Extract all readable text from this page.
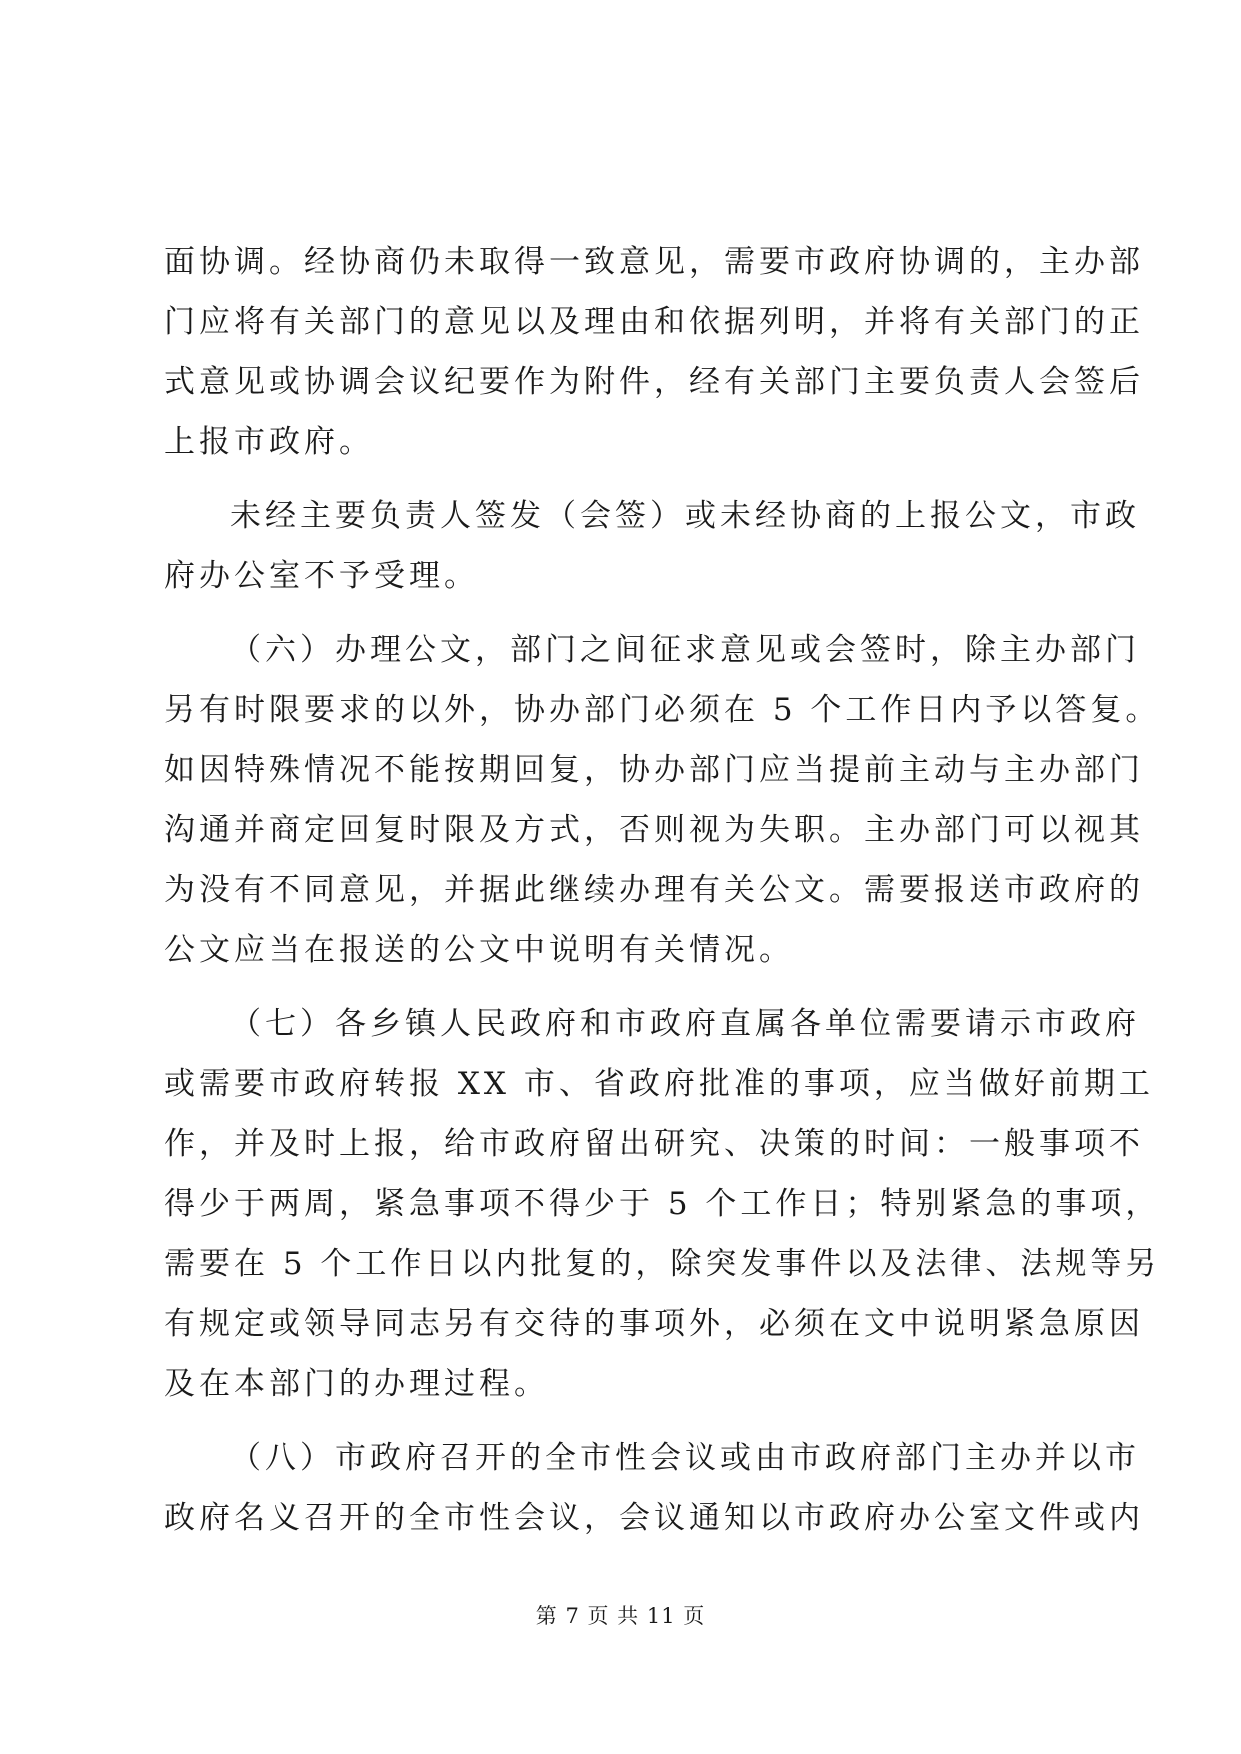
面协调。经协商仍未取得一致意见，需要市政府协调的，主办部
门应将有关部门的意见以及理由和依据列明，并将有关部门的正
式意见或协调会议纪要作为附件，经有关部门主要负责人会签后
上报市政府。
未经主要负责人签发（会签）或未经协商的上报公文，市政
府办公室不予受理。
（六）办理公文，部门之间征求意见或会签时，除主办部门
另有时限要求的以外，协办部门必须在 5 个工作日内予以答复。
如因特殊情况不能按期回复，协办部门应当提前主动与主办部门
沟通并商定回复时限及方式，否则视为失职。主办部门可以视其
为没有不同意见，并据此继续办理有关公文。需要报送市政府的
公文应当在报送的公文中说明有关情况。
（七）各乡镇人民政府和市政府直属各单位需要请示市政府
或需要市政府转报 XX 市、省政府批准的事项，应当做好前期工
作，并及时上报，给市政府留出研究、决策的时间：一般事项不
得少于两周，紧急事项不得少于 5 个工作日；特别紧急的事项，
需要在 5 个工作日以内批复的，除突发事件以及法律、法规等另
有规定或领导同志另有交待的事项外，必须在文中说明紧急原因
及在本部门的办理过程。
（八）市政府召开的全市性会议或由市政府部门主办并以市
政府名义召开的全市性会议，会议通知以市政府办公室文件或内
第 7 页 共 11 页
